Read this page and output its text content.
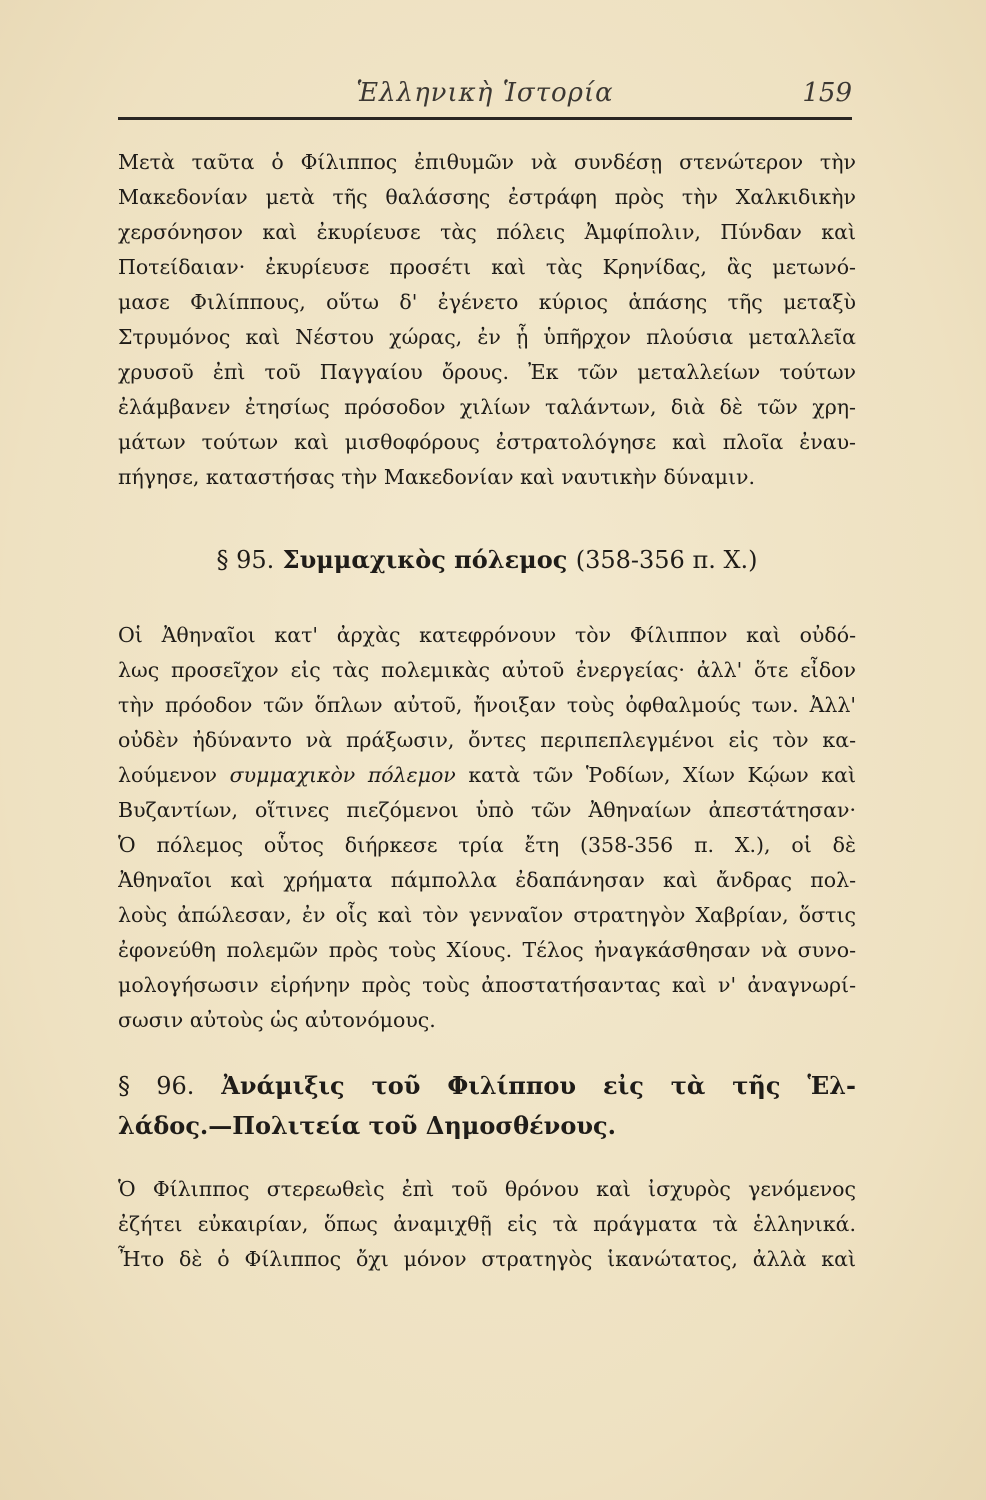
Ἑλληνικὴ Ἱστορία	159
Μετὰ ταῦτα ὁ Φίλιππος ἐπιθυμῶν νὰ συνδέσῃ στενώτερον τὴν
Μακεδονίαν μετὰ τῆς θαλάσσης ἐστράφη πρὸς τὴν Χαλκιδικὴν
χερσόνησον καὶ ἐκυρίευσε τὰς πόλεις Ἀμφίπολιν, Πύνδαν καὶ
Ποτείδαιαν· ἐκυρίευσε προσέτι καὶ τὰς Κρηνίδας, ἃς μετωνό-
μασε Φιλίππους, οὕτω δ' ἐγένετο κύριος ἁπάσης τῆς μεταξὺ
Στρυμόνος καὶ Νέστου χώρας, ἐν ᾗ ὑπῆρχον πλούσια μεταλλεῖα
χρυσοῦ ἐπὶ τοῦ Παγγαίου ὄρους. Ἐκ τῶν μεταλλείων τούτων
ἐλάμβανεν ἐτησίως πρόσοδον χιλίων ταλάντων, διὰ δὲ τῶν χρη-
μάτων τούτων καὶ μισθοφόρους ἐστρατολόγησε καὶ πλοῖα ἐναυ-
πήγησε, καταστήσας τὴν Μακεδονίαν καὶ ναυτικὴν δύναμιν.
§ 95. Συμμαχικὸς πόλεμος (358-356 π. Χ.)
Οἱ Ἀθηναῖοι κατ' ἀρχὰς κατεφρόνουν τὸν Φίλιππον καὶ οὐδό-
λως προσεῖχον εἰς τὰς πολεμικὰς αὐτοῦ ἐνεργείας· ἀλλ' ὅτε εἶδον
τὴν πρόοδον τῶν ὅπλων αὐτοῦ, ἤνοιξαν τοὺς ὀφθαλμούς των. Ἀλλ'
οὐδὲν ἠδύναντο νὰ πράξωσιν, ὄντες περιπεπλεγμένοι εἰς τὸν κα-
λούμενον συμμαχικὸν πόλεμον κατὰ τῶν Ῥοδίων, Χίων Κῴων καὶ
Βυζαντίων, οἵτινες πιεζόμενοι ὑπὸ τῶν Ἀθηναίων ἀπεστάτησαν·
Ὁ πόλεμος οὗτος διήρκεσε τρία ἔτη (358-356 π. Χ.), οἱ δὲ
Ἀθηναῖοι καὶ χρήματα πάμπολλα ἐδαπάνησαν καὶ ἄνδρας πολ-
λοὺς ἀπώλεσαν, ἐν οἷς καὶ τὸν γενναῖον στρατηγὸν Χαβρίαν, ὅστις
ἐφονεύθη πολεμῶν πρὸς τοὺς Χίους. Τέλος ἠναγκάσθησαν νὰ συνο-
μολογήσωσιν εἰρήνην πρὸς τοὺς ἀποστατήσαντας καὶ ν' ἀναγνωρί-
σωσιν αὐτοὺς ὡς αὐτονόμους.
§ 96. Ἀνάμιξις τοῦ Φιλίππου εἰς τὰ τῆς Ἑλ-
λάδος.—Πολιτεία τοῦ Δημοσθένους.
Ὁ Φίλιππος στερεωθεὶς ἐπὶ τοῦ θρόνου καὶ ἰσχυρὸς γενόμενος
ἐζήτει εὐκαιρίαν, ὅπως ἀναμιχθῇ εἰς τὰ πράγματα τὰ ἑλληνικά.
Ἦτο δὲ ὁ Φίλιππος ὄχι μόνον στρατηγὸς ἱκανώτατος, ἀλλὰ καὶ
